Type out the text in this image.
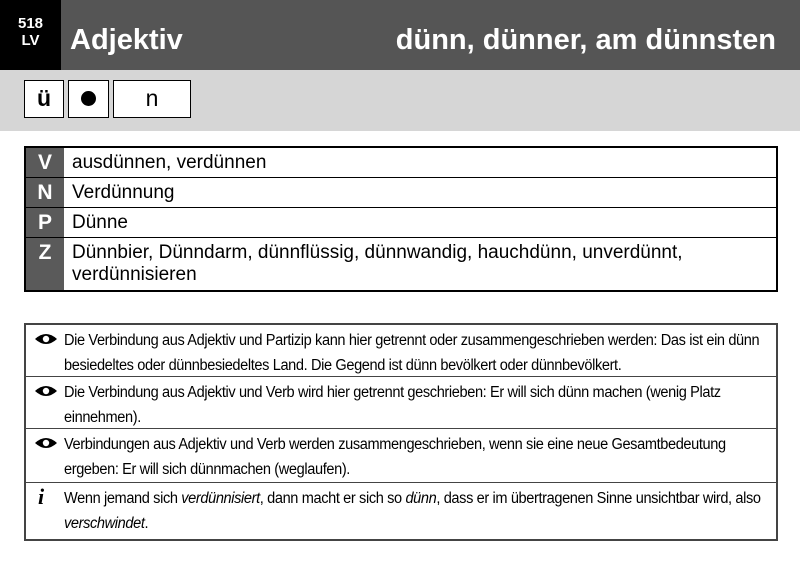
518
LV	Adjektiv	dünn, dünner, am dünnsten
ü	n
V	ausdünnen, verdünnen
N	Verdünnung
P	Dünne
Z	Dünnbier, Dünndarm, dünnflüssig, dünnwandig, hauchdünn, unverdünnt,
verdünnisieren
Die Verbindung aus Adjektiv und Partizip kann hier getrennt oder zusammengeschrieben werden: Das ist ein dünn besiedeltes oder dünnbesiedeltes Land. Die Gegend ist dünn bevölkert oder dünnbevölkert.
Die Verbindung aus Adjektiv und Verb wird hier getrennt geschrieben: Er will sich dünn machen (wenig Platz einnehmen).
Verbindungen aus Adjektiv und Verb werden zusammengeschrieben, wenn sie eine neue Gesamtbedeutung ergeben: Er will sich dünnmachen (weglaufen).
i Wenn jemand sich verdünnisiert, dann macht er sich so dünn, dass er im übertragenen Sinne unsichtbar wird, also verschwindet.
